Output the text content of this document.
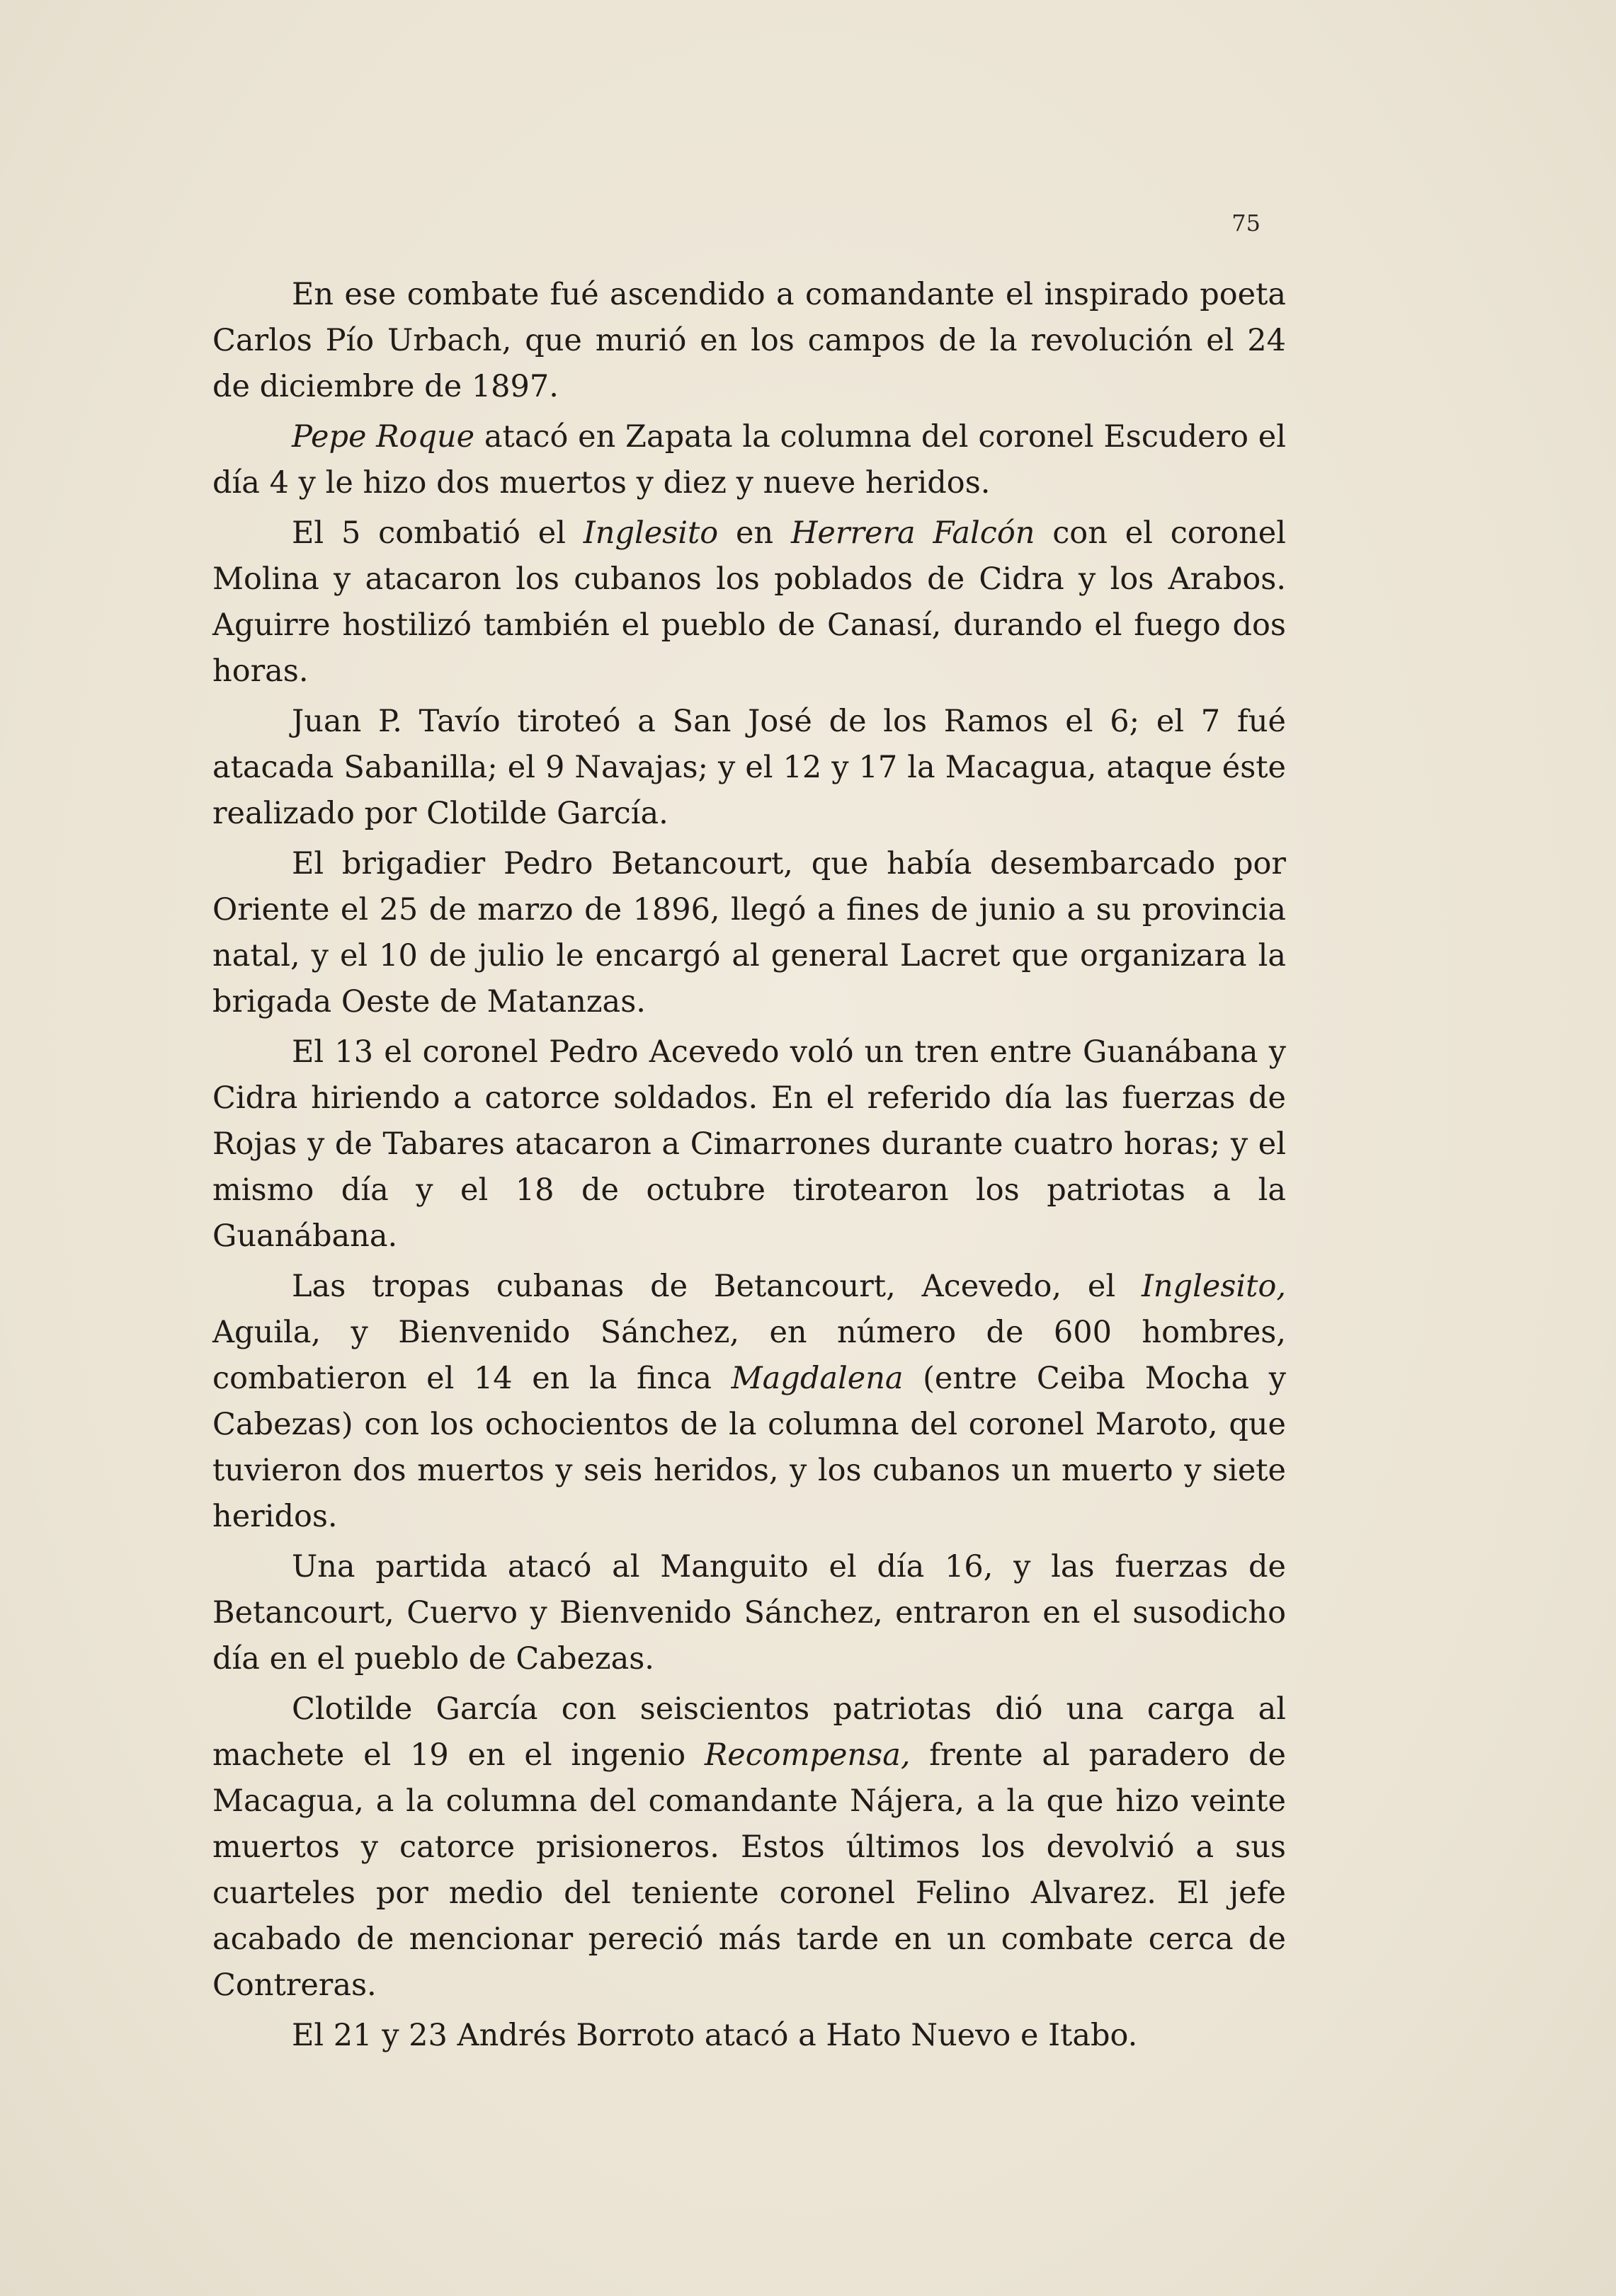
75

En ese combate fué ascendido a comandante el inspirado poeta Carlos Pío Urbach, que murió en los campos de la revolución el 24 de diciembre de 1897.

Pepe Roque atacó en Zapata la columna del coronel Escudero el día 4 y le hizo dos muertos y diez y nueve heridos.

El 5 combatió el Inglesito en Herrera Falcón con el coronel Molina y atacaron los cubanos los poblados de Cidra y los Arabos. Aguirre hostilizó también el pueblo de Canasí, durando el fuego dos horas.

Juan P. Tavío tiroteó a San José de los Ramos el 6; el 7 fué atacada Sabanilla; el 9 Navajas; y el 12 y 17 la Macagua, ataque éste realizado por Clotilde García.

El brigadier Pedro Betancourt, que había desembarcado por Oriente el 25 de marzo de 1896, llegó a fines de junio a su provincia natal, y el 10 de julio le encargó al general Lacret que organizara la brigada Oeste de Matanzas.

El 13 el coronel Pedro Acevedo voló un tren entre Guanábana y Cidra hiriendo a catorce soldados. En el referido día las fuerzas de Rojas y de Tabares atacaron a Cimarrones durante cuatro horas; y el mismo día y el 18 de octubre tirotearon los patriotas a la Guanábana.

Las tropas cubanas de Betancourt, Acevedo, el Inglesito, Aguila, y Bienvenido Sánchez, en número de 600 hombres, combatieron el 14 en la finca Magdalena (entre Ceiba Mocha y Cabezas) con los ochocientos de la columna del coronel Maroto, que tuvieron dos muertos y seis heridos, y los cubanos un muerto y siete heridos.

Una partida atacó al Manguito el día 16, y las fuerzas de Betancourt, Cuervo y Bienvenido Sánchez, entraron en el susodicho día en el pueblo de Cabezas.

Clotilde García con seiscientos patriotas dió una carga al machete el 19 en el ingenio Recompensa, frente al paradero de Macagua, a la columna del comandante Nájera, a la que hizo veinte muertos y catorce prisioneros. Estos últimos los devolvió a sus cuarteles por medio del teniente coronel Felino Alvarez. El jefe acabado de mencionar pereció más tarde en un combate cerca de Contreras.

El 21 y 23 Andrés Borroto atacó a Hato Nuevo e Itabo.
